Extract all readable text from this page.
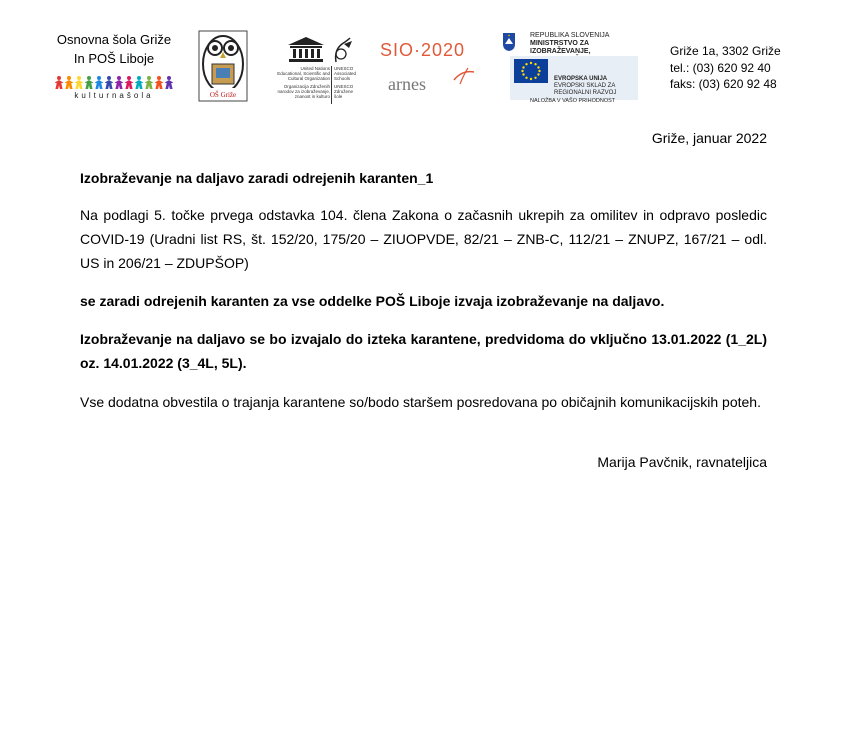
Osnovna šola Griže
In POŠ Liboje
kulturnašola	OŠ Griže
United Nations
Educational, Scientific and
Cultural Organization
Organizacija Združenih
narodov za izobraževanje,
znanost in kulturo
UNESCO
Associated
Schools
UNESCO
Združene
šole
SIO·2020
arnes
REPUBLIKA SLOVENIJA
MINISTRSTVO ZA IZOBRAŽEVANJE,
EVROPSKA UNIJA
EVROPSKI SKLAD ZA
REGIONALNI RAZVOJ
NALOŽBA V VAŠO PRIHODNOST
Griže 1a, 3302 Griže
tel.: (03) 620 92 40
faks: (03) 620 92 48
Griže, januar 2022
Izobraževanje na daljavo zaradi odrejenih karanten_1
Na podlagi 5. točke prvega odstavka 104. člena Zakona o začasnih ukrepih za omilitev in odpravo posledic COVID-19 (Uradni list RS, št. 152/20, 175/20 – ZIUOPVDE, 82/21 – ZNB-C, 112/21 – ZNUPZ, 167/21 – odl. US in 206/21 – ZDUPŠOP)
se zaradi odrejenih karanten za vse oddelke POŠ Liboje izvaja izobraževanje na daljavo.
Izobraževanje na daljavo se bo izvajalo do izteka karantene, predvidoma do vključno 13.01.2022 (1_2L) oz. 14.01.2022 (3_4L, 5L).
Vse dodatna obvestila o trajanja karantene so/bodo staršem posredovana po običajnih komunikacijskih poteh.
Marija Pavčnik, ravnateljica
